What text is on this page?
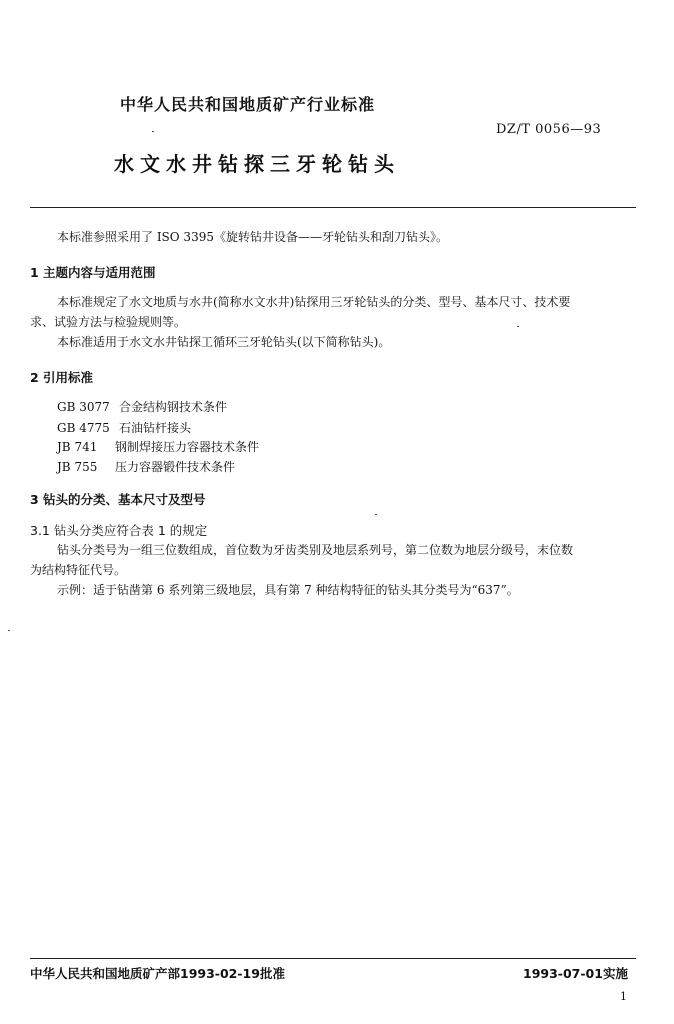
中华人民共和国地质矿产行业标准
DZ/T 0056—93
水文水井钻探三牙轮钻头
本标准参照采用了 ISO 3395《旋转钻井设备——牙轮钻头和刮刀钻头》。
1 主题内容与适用范围
本标准规定了水文地质与水井(简称水文水井)钻探用三牙轮钻头的分类、型号、基本尺寸、技术要
求、试验方法与检验规则等。
本标准适用于水文水井钻探工循环三牙轮钻头(以下简称钻头)。
2 引用标准
GB 3077 合金结构钢技术条件
GB 4775 石油钻杆接头
JB 741 钢制焊接压力容器技术条件
JB 755 压力容器锻件技术条件
3 钻头的分类、基本尺寸及型号
3.1 钻头分类应符合表 1 的规定
钻头分类号为一组三位数组成，首位数为牙齿类别及地层系列号，第二位数为地层分级号，末位数
为结构特征代号。
示例：适于钻凿第 6 系列第三级地层，具有第 7 种结构特征的钻头其分类号为“637”。
中华人民共和国地质矿产部1993-02-19批准	1993-07-01实施
1
